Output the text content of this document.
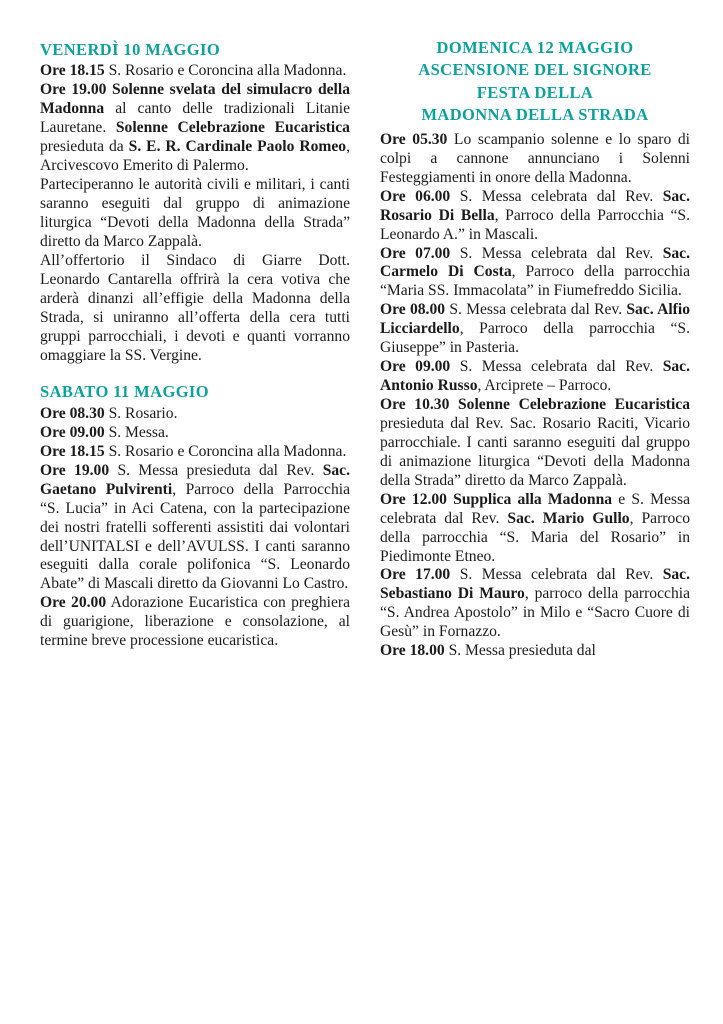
VENERDÌ 10 MAGGIO

Ore 18.15 S. Rosario e Coroncina alla Madonna.

Ore 19.00 Solenne svelata del simulacro della Madonna al canto delle tradizionali Litanie Lauretane. Solenne Celebrazione Eucaristica presieduta da S. E. R. Cardinale Paolo Romeo, Arcivescovo Emerito di Palermo.

Parteciperanno le autorità civili e militari, i canti saranno eseguiti dal gruppo di animazione liturgica “Devoti della Madonna della Strada” diretto da Marco Zappalà.

All’offertorio il Sindaco di Giarre Dott. Leonardo Cantarella offrirà la cera votiva che arderà dinanzi all’effigie della Madonna della Strada, si uniranno all’offerta della cera tutti gruppi parrocchiali, i devoti e quanti vorranno omaggiare la SS. Vergine.

SABATO 11 MAGGIO

Ore 08.30 S. Rosario.

Ore 09.00 S. Messa.

Ore 18.15 S. Rosario e Coroncina alla Madonna.

Ore 19.00 S. Messa presieduta dal Rev. Sac. Gaetano Pulvirenti, Parroco della Parrocchia “S. Lucia” in Aci Catena, con la partecipazione dei nostri fratelli sofferenti assistiti dai volontari dell’UNITALSI e dell’AVULSS. I canti saranno eseguiti dalla corale polifonica “S. Leonardo Abate” di Mascali diretto da Giovanni Lo Castro.

Ore 20.00 Adorazione Eucaristica con preghiera di guarigione, liberazione e consolazione, al termine breve processione eucaristica.

DOMENICA 12 MAGGIO
ASCENSIONE DEL SIGNORE
FESTA DELLA
MADONNA DELLA STRADA

Ore 05.30 Lo scampanio solenne e lo sparo di colpi a cannone annunciano i Solenni Festeggiamenti in onore della Madonna.

Ore 06.00 S. Messa celebrata dal Rev. Sac. Rosario Di Bella, Parroco della Parrocchia “S. Leonardo A.” in Mascali.

Ore 07.00 S. Messa celebrata dal Rev. Sac. Carmelo Di Costa, Parroco della parrocchia “Maria SS. Immacolata” in Fiumefreddo Sicilia.

Ore 08.00 S. Messa celebrata dal Rev. Sac. Alfio Licciardello, Parroco della parrocchia “S. Giuseppe” in Pasteria.

Ore 09.00 S. Messa celebrata dal Rev. Sac. Antonio Russo, Arciprete – Parroco.

Ore 10.30 Solenne Celebrazione Eucaristica presieduta dal Rev. Sac. Rosario Raciti, Vicario parrocchiale. I canti saranno eseguiti dal gruppo di animazione liturgica “Devoti della Madonna della Strada” diretto da Marco Zappalà.

Ore 12.00 Supplica alla Madonna e S. Messa celebrata dal Rev. Sac. Mario Gullo, Parroco della parrocchia “S. Maria del Rosario” in Piedimonte Etneo.

Ore 17.00 S. Messa celebrata dal Rev. Sac. Sebastiano Di Mauro, parroco della parrocchia “S. Andrea Apostolo” in Milo e “Sacro Cuore di Gesù” in Fornazzo.

Ore 18.00 S. Messa presieduta dal
